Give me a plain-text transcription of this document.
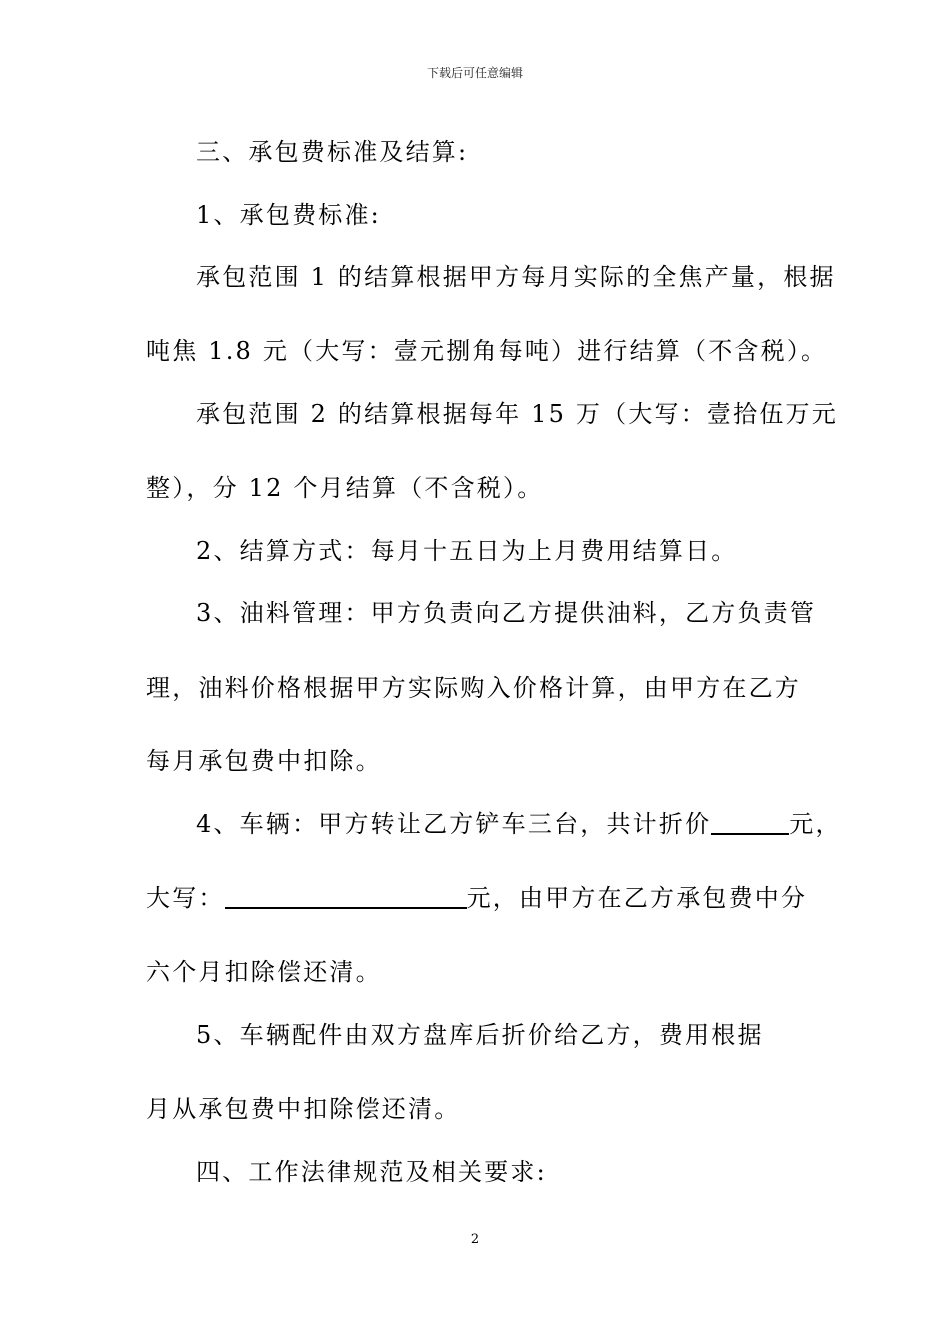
下载后可任意编辑
三、承包费标准及结算:
1、承包费标准:
承包范围 1 的结算根据甲方每月实际的全焦产量，根据
吨焦 1.8 元（大写：壹元捌角每吨）进行结算（不含税）。
承包范围 2 的结算根据每年 15 万（大写：壹拾伍万元
整），分 12 个月结算（不含税）。
2、结算方式：每月十五日为上月费用结算日。
3、油料管理：甲方负责向乙方提供油料，乙方负责管
理，油料价格根据甲方实际购入价格计算，由甲方在乙方
每月承包费中扣除。
4、车辆：甲方转让乙方铲车三台，共计折价	元，
大写：	元，由甲方在乙方承包费中分
六个月扣除偿还清。
5、车辆配件由双方盘库后折价给乙方，费用根据
月从承包费中扣除偿还清。
四、工作法律规范及相关要求:
2
